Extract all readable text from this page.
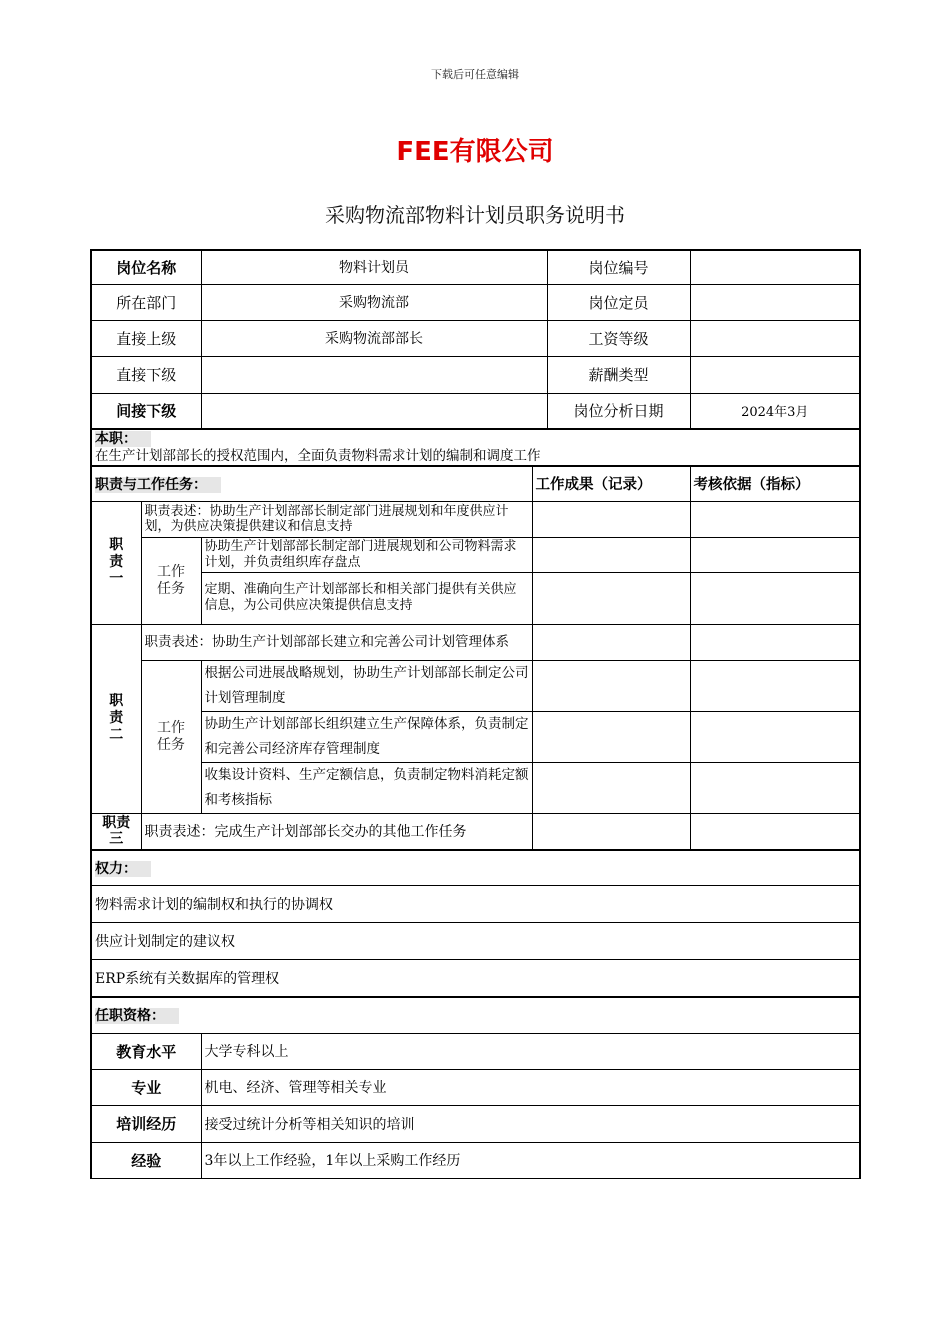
下载后可任意编辑
FEE有限公司
采购物流部物料计划员职务说明书
岗位名称		物料计划员		岗位编号	
所在部门		采购物流部		岗位定员	
直接上级		采购物流部部长		工资等级	
直接下级				薪酬类型	
间接下级				岗位分析日期	2024年3月

本职：
在生产计划部部长的授权范围内，全面负责物料需求计划的编制和调度工作					

职责与工作任务：			工作成果（记录）		考核依据（指标）

职责一	职责表述：协助生产计划部部长制定部门进展规划和年度供应计划，为供应决策提供建议和信息支持				

	工作任务	协助生产计划部部长制定部门进展规划和公司物料需求计划，并负责组织库存盘点			
		定期、准确向生产计划部部长和相关部门提供有关供应信息，为公司供应决策提供信息支持			

职责二	职责表述：协助生产计划部部长建立和完善公司计划管理体系				

	工作任务	根据公司进展战略规划，协助生产计划部部长制定公司计划管理制度			
		协助生产计划部部长组织建立生产保障体系，负责制定和完善公司经济库存管理制度			
		收集设计资料、生产定额信息，负责制定物料消耗定额和考核指标			

职责三	职责表述：完成生产计划部部长交办的其他工作任务				
权力：					
物料需求计划的编制权和执行的协调权					
供应计划制定的建议权					
ERP系统有关数据库的管理权					
任职资格：					
教育水平		大学专科以上			
专业		机电、经济、管理等相关专业			
培训经历		接受过统计分析等相关知识的培训			
经验		3年以上工作经验，1年以上采购工作经历			
